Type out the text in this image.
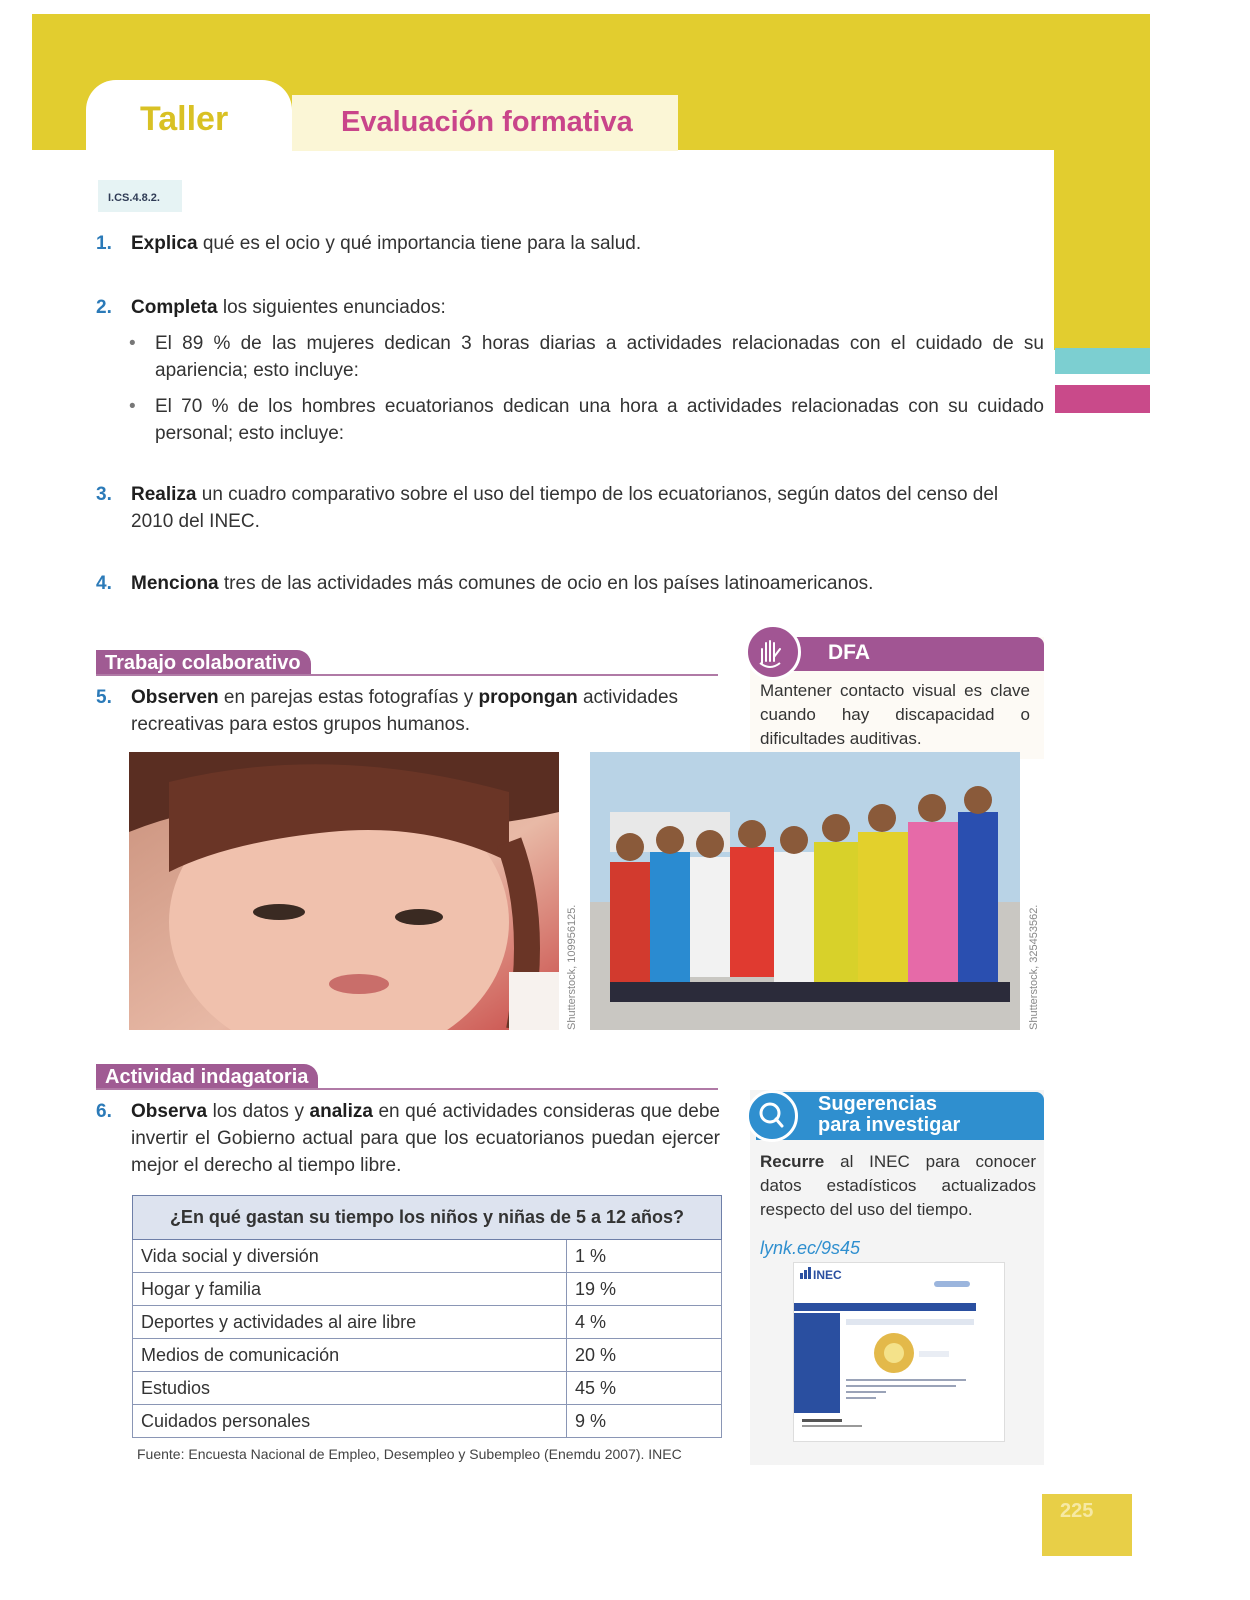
Taller	Evaluación formativa
I.CS.4.8.2.
1. Explica qué es el ocio y qué importancia tiene para la salud.
2. Completa los siguientes enunciados:
• El 89 % de las mujeres dedican 3 horas diarias a actividades relacionadas con el cuidado de su apariencia; esto incluye:
• El 70 % de los hombres ecuatorianos dedican una hora a actividades relacionadas con su cuidado personal; esto incluye:
3. Realiza un cuadro comparativo sobre el uso del tiempo de los ecuatorianos, según datos del censo del 2010 del INEC.
4. Menciona tres de las actividades más comunes de ocio en los países latinoamericanos.
Trabajo colaborativo
5. Observen en parejas estas fotografías y propongan actividades recreativas para estos grupos humanos.
DFA
Mantener contacto visual es clave cuando hay discapacidad o dificultades auditivas.
Shutterstock, 109956125.	Shutterstock, 325453562.
Actividad indagatoria
6. Observa los datos y analiza en qué actividades consideras que debe invertir el Gobierno actual para que los ecuatorianos puedan ejercer mejor el derecho al tiempo libre.
¿En qué gastan su tiempo los niños y niñas de 5 a 12 años?	
Vida social y diversión	1 %
Hogar y familia	19 %
Deportes y actividades al aire libre	4 %
Medios de comunicación	20 %
Estudios	45 %
Cuidados personales	9 %
Fuente: Encuesta Nacional de Empleo, Desempleo y Subempleo (Enemdu 2007). INEC
Sugerencias
para investigar
Recurre al INEC para conocer datos estadísticos actualizados respecto del uso del tiempo.
lynk.ec/9s45
INEC
225
